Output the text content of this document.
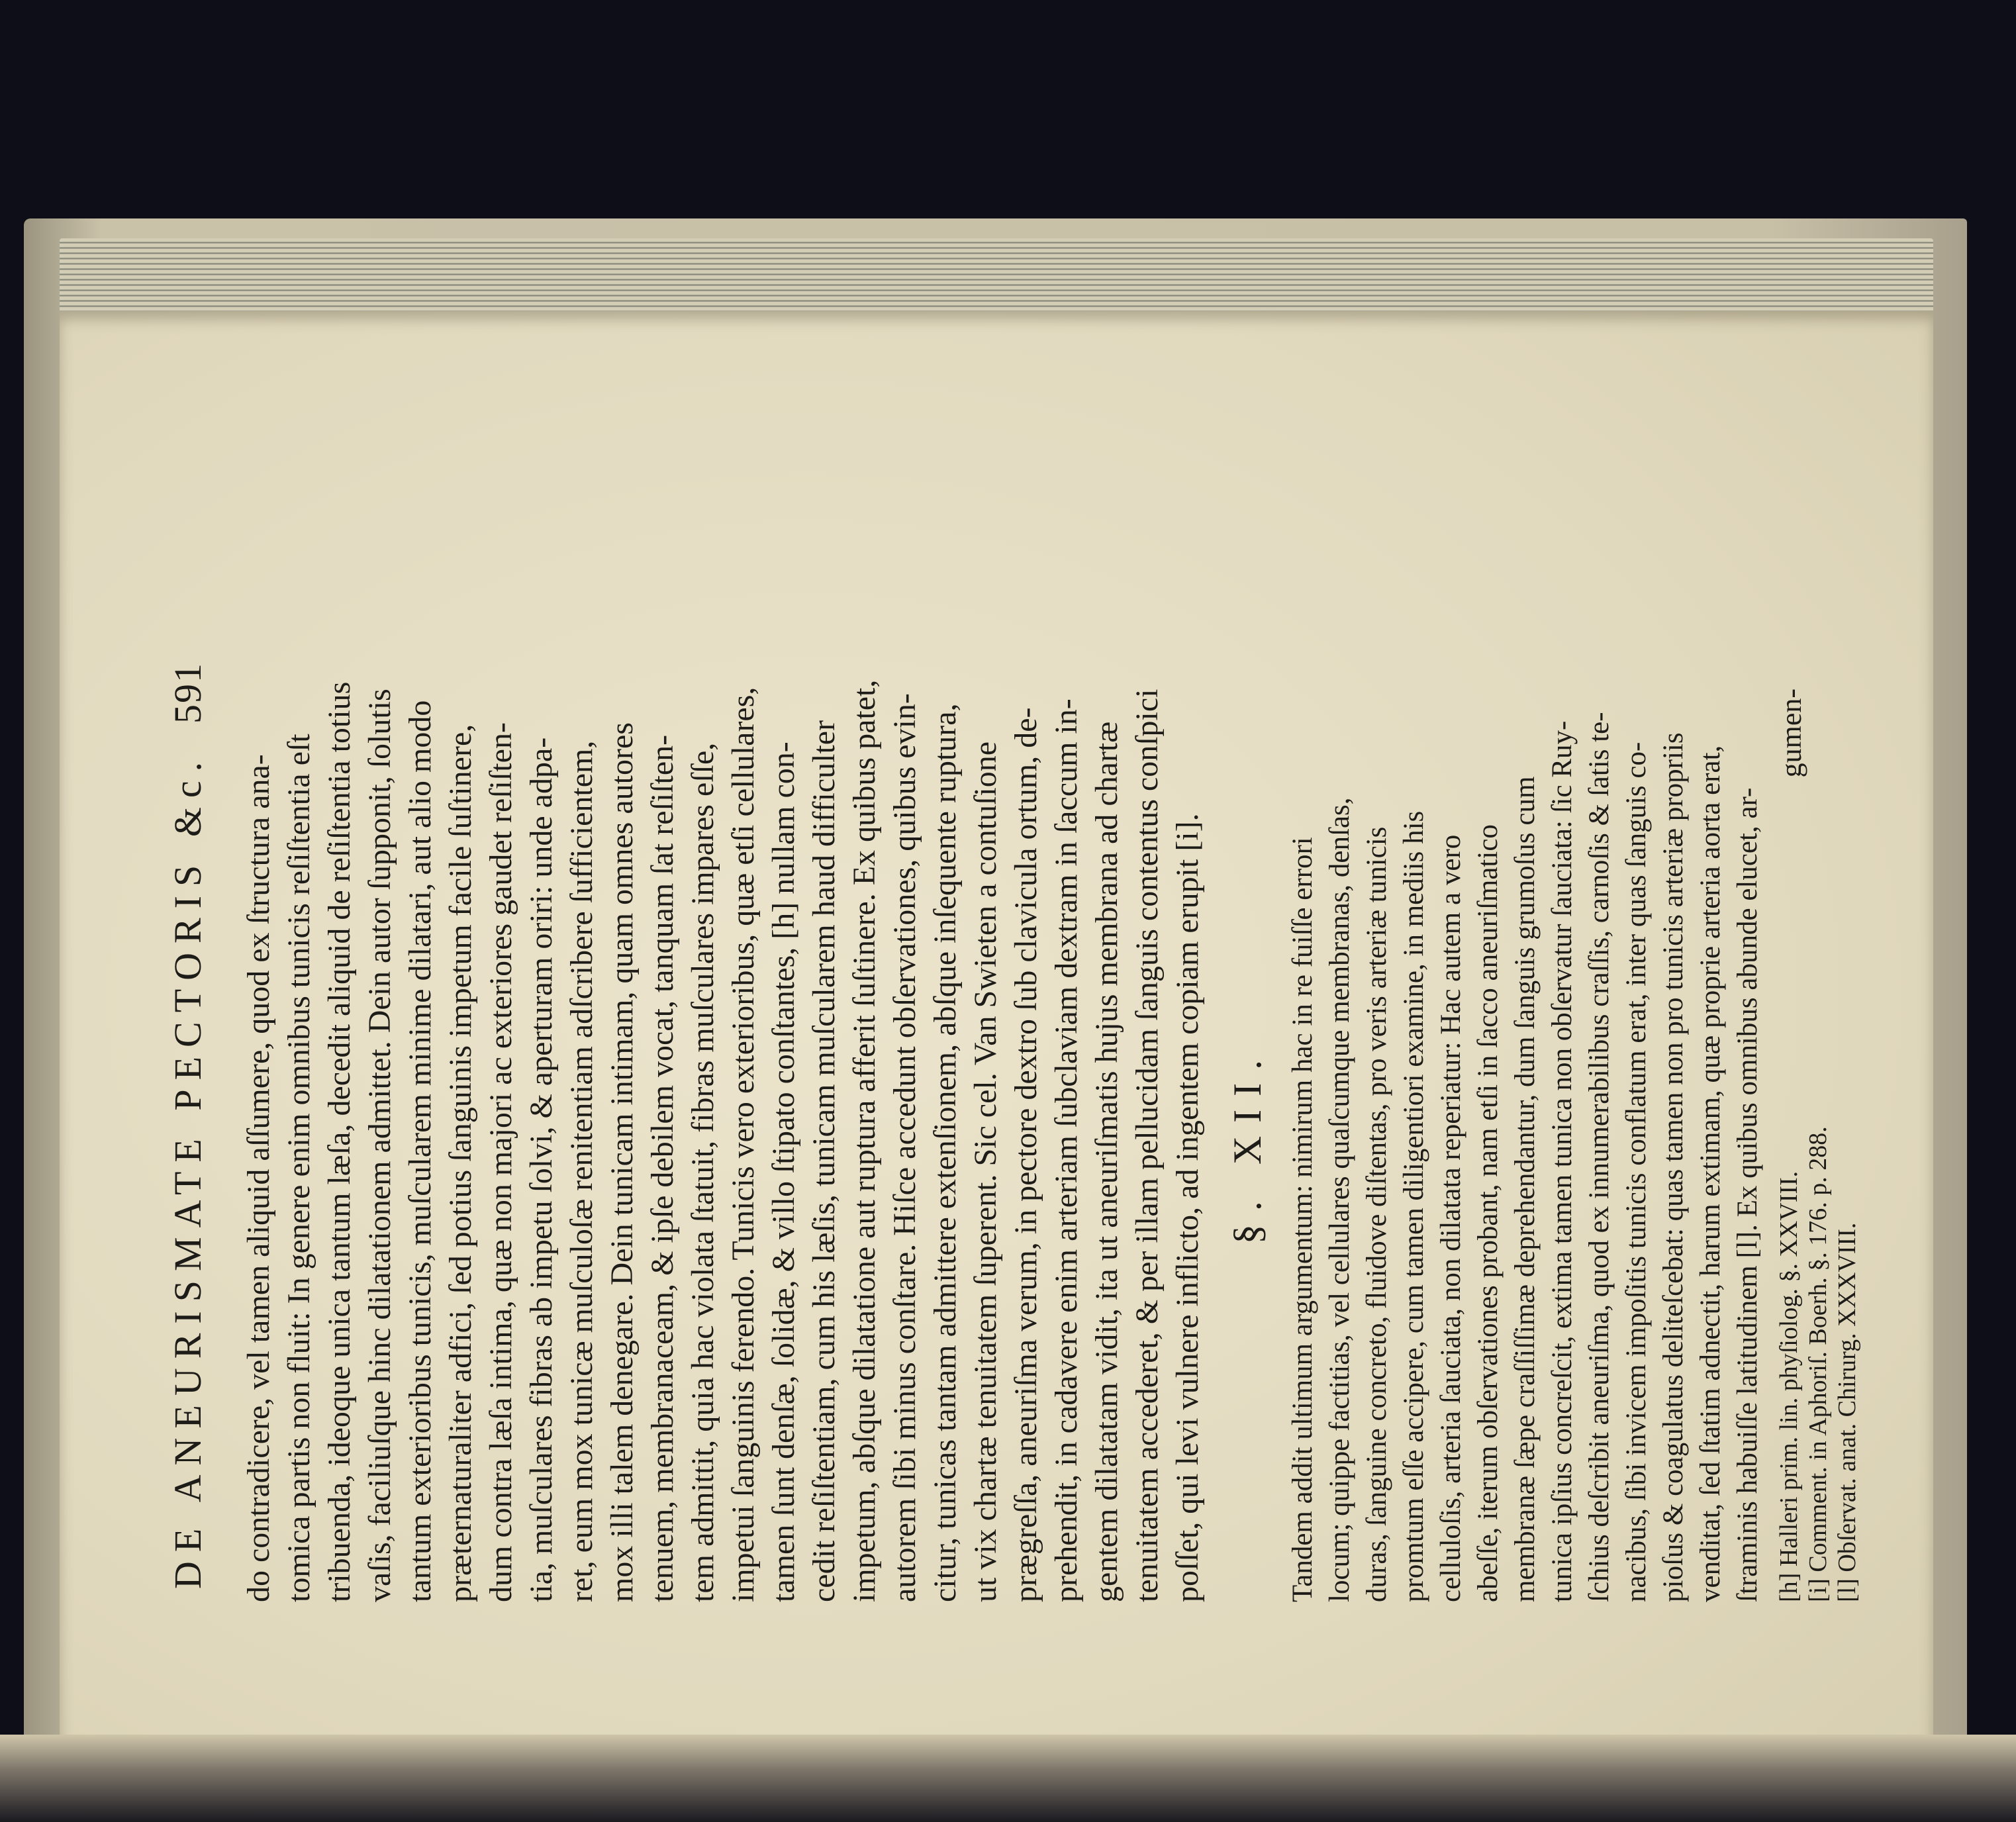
DE ANEURISMATE PECTORIS &c.
591
do contradicere, vel tamen aliquid aſſumere, quod ex ſtructura ana- tomica partis non fluit: In genere enim omnibus tunicis reſiſtentia eſt tribuenda, ideoque unica tantum læſa, decedit aliquid de reſiſtentia totius vaſis, faciliuſque hinc dilatationem admittet. Dein autor ſupponit, ſolutis tantum exterioribus tunicis, muſcularem minime dilatari, aut alio modo præternaturaliter adfici, ſed potius ſanguinis impetum facile ſuſtinere, dum contra læſa intima, quæ non majori ac exteriores gaudet reſiſten- tia, muſculares fibras ab impetu ſolvi, & aperturam oriri: unde adpa- ret, eum mox tunicæ muſculoſæ renitentiam adſcribere ſufficientem, mox illi talem denegare. Dein tunicam intimam, quam omnes autores tenuem, membranaceam, & ipſe debilem vocat, tanquam ſat reſiſten- tem admittit, quia hac violata ſtatuit, fibras muſculares impares eſſe, impetui ſanguinis ferendo. Tunicis vero exterioribus, quæ etſi cellulares, tamen ſunt denſæ, ſolidæ, & villo ſtipato conſtantes, [h] nullam con- cedit reſiſtentiam, cum his læſis, tunicam muſcularem haud difficulter impetum, abſque dilatatione aut ruptura afferit ſuſtinere. Ex quibus patet, autorem ſibi minus conſtare. Hiſce accedunt obſervationes, quibus evin- citur, tunicas tantam admittere extenſionem, abſque inſequente ruptura, ut vix chartæ tenuitatem ſuperent. Sic cel. Van Swieten a contuſione prægreſſa, aneuriſma verum, in pectore dextro ſub clavicula ortum, de- prehendit, in cadavere enim arteriam ſubclaviam dextram in ſaccum in- gentem dilatatam vidit, ita ut aneuriſmatis hujus membrana ad chartæ tenuitatem accederet, & per illam pellucidam ſanguis contentus conſpici poſſet, qui levi vulnere inflicto, ad ingentem copiam erupit [i]. §. XII. Tandem addit ultimum argumentum: nimirum hac in re fuiſſe errori locum; quippe factitias, vel cellulares quaſcumque membranas, denſas, duras, ſanguine concreto, fluidove diſtentas, pro veris arteriæ tunicis promtum eſſe accipere, cum tamen diligentiori examine, in mediis his celluloſis, arteria ſauciata, non dilatata reperiatur: Hac autem a vero abeſſe, iterum obſervationes probant, nam etſi in ſacco aneuriſmatico membranæ ſæpe craſſiſſimæ deprehendantur, dum ſanguis grumoſus cum tunica ipſius concreſcit, extima tamen tunica non obſervatur ſauciata: ſic Ruy- ſchius deſcribit aneuriſma, quod ex innumerabilibus craſſis, carnoſis & ſatis te- nacibus, ſibi invicem impoſitis tunicis conflatum erat, inter quas ſanguis co- pioſus & coagulatus deliteſcebat: quas tamen non pro tunicis arteriæ propriis venditat, ſed ſtatim adnectit, harum extimam, quæ proprie arteria aorta erat, ſtraminis habuiſſe latitudinem [l]. Ex quibus omnibus abunde elucet, ar-
gumen-
[h] Halleri prim. lin. phyſiolog. §. XXVIII. [i] Comment. in Aphoriſ. Boerh. §. 176. p. 288. [l] Obſervat. anat. Chirurg. XXXVIII.
